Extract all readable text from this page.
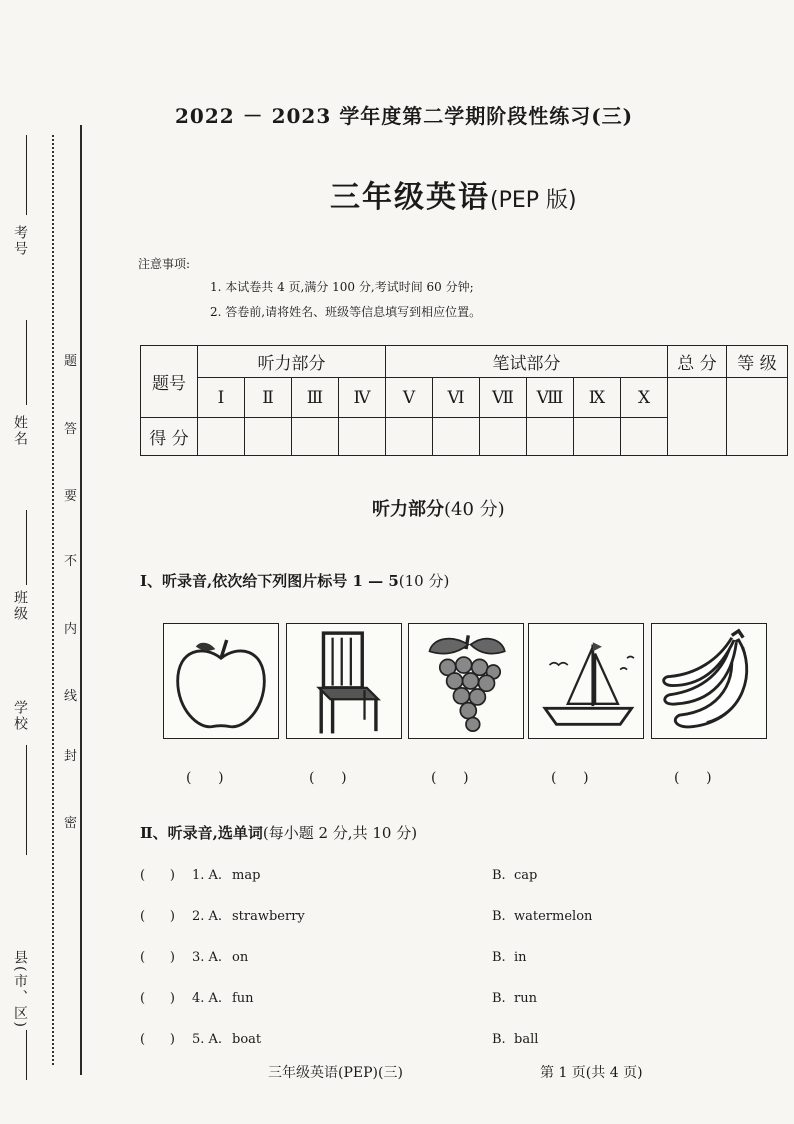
考号
姓名
班级
学校
县(市、区)
密
封
线
内
不
要
答
题
2022 － 2023 学年度第二学期阶段性练习(三)
三年级英语(PEP 版)
注意事项:
1. 本试卷共 4 页,满分 100 分,考试时间 60 分钟;
2. 答卷前,请将姓名、班级等信息填写到相应位置。
题号	听力部分				笔试部分						总 分	等 级
	Ⅰ	Ⅱ	Ⅲ	Ⅳ	Ⅴ	Ⅵ	Ⅶ	Ⅷ	Ⅸ	Ⅹ		
得 分												
听力部分(40 分)
Ⅰ、听录音,依次给下列图片标号 1 — 5(10 分)
(      )	(      )	(      )	(      )	(      )
Ⅱ、听录音,选单词(每小题 2 分,共 10 分)
(      ) 1. A. map	B. cap
(      ) 2. A. strawberry	B. watermelon
(      ) 3. A. on	B. in
(      ) 4. A. fun	B. run
(      ) 5. A. boat	B. ball
三年级英语(PEP)(三)	第 1 页(共 4 页)
